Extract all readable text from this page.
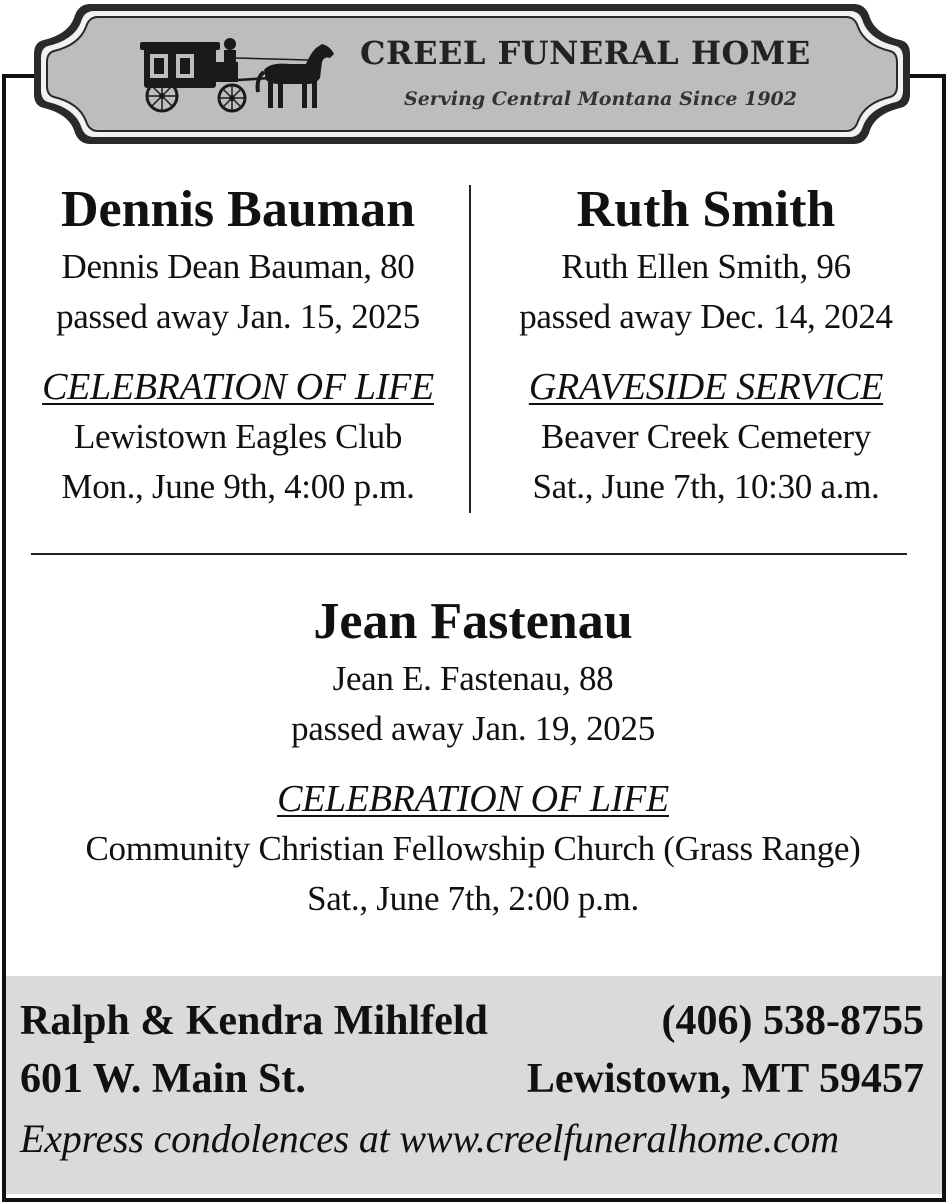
CREEL FUNERAL HOME
Serving Central Montana Since 1902

Dennis Bauman

Dennis Dean Bauman, 80

passed away Jan. 15, 2025

CELEBRATION OF LIFE

Lewistown Eagles Club

Mon., June 9th, 4:00 p.m.

Ruth Smith

Ruth Ellen Smith, 96

passed away Dec. 14, 2024

GRAVESIDE SERVICE

Beaver Creek Cemetery

Sat., June 7th, 10:30 a.m.

Jean Fastenau

Jean E. Fastenau, 88

passed away Jan. 19, 2025

CELEBRATION OF LIFE

Community Christian Fellowship Church (Grass Range)

Sat., June 7th, 2:00 p.m.

Ralph & Kendra Mihlfeld	(406) 538-8755
601 W. Main St.	Lewistown, MT 59457
Express condolences at www.creelfuneralhome.com
